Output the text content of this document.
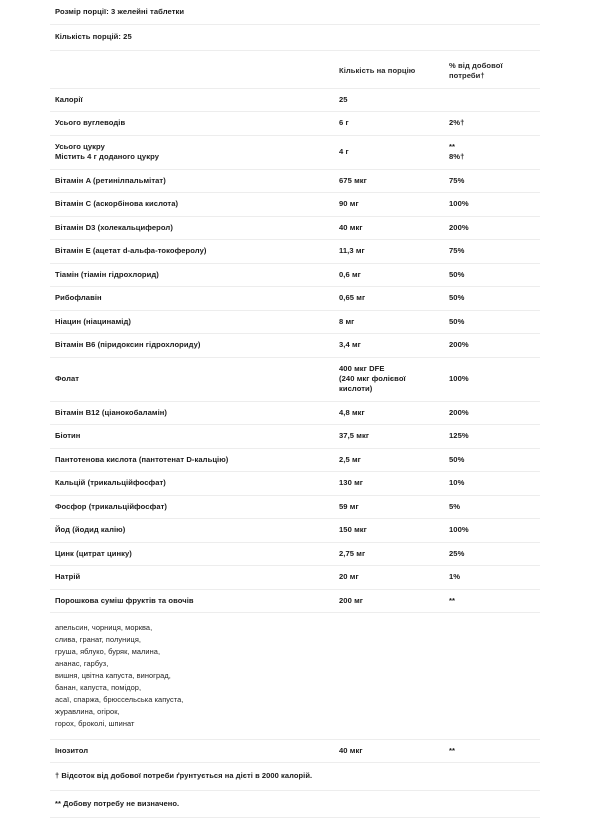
Розмір порції: 3 желейні таблетки		
Кількість порцій: 25		
	Кількість на порцію	% від добової потреби†
Калорії	25	
Усього вуглеводів	6 г	2%†

Усього цукру
Містить 4 г доданого цукру	4 г	**
8%†

Вітамін A (ретинілпальмітат)	675 мкг	75%
Вітамін C (аскорбінова кислота)	90 мг	100%
Вітамін D3 (холекальциферол)	40 мкг	200%
Вітамін E (ацетат d-альфа-токоферолу)	11,3 мг	75%
Тіамін (тіамін гідрохлорид)	0,6 мг	50%
Рибофлавін	0,65 мг	50%
Ніацин (ніацинамід)	8 мг	50%
Вітамін B6 (піридоксин гідрохлориду)	3,4 мг	200%
Фолат	400 мкг DFE
(240 мкг фолієвої кислоти)	100%
Вітамін B12 (ціанокобаламін)	4,8 мкг	200%
Біотин	37,5 мкг	125%
Пантотенова кислота (пантотенат D-кальцію)	2,5 мг	50%
Кальцій (трикальційфосфат)	130 мг	10%
Фосфор (трикальційфосфат)	59 мг	5%
Йод (йодид калію)	150 мкг	100%
Цинк (цитрат цинку)	2,75 мг	25%
Натрій	20 мг	1%
Порошкова суміш фруктів та овочів	200 мг	**

апельсин, чорниця, морква,
слива, гранат, полуниця,
груша, яблуко, буряк, малина,
ананас, гарбуз,
вишня, цвітна капуста, виноград,
банан, капуста, помідор,
асаї, спаржа, брюссельська капуста,
журавлина, огірок,
горох, броколі, шпинат

Інозитол	40 мкг	**
† Відсоток від добової потреби ґрунтується на дієті в 2000 калорій.		
** Добову потребу не визначено.		
